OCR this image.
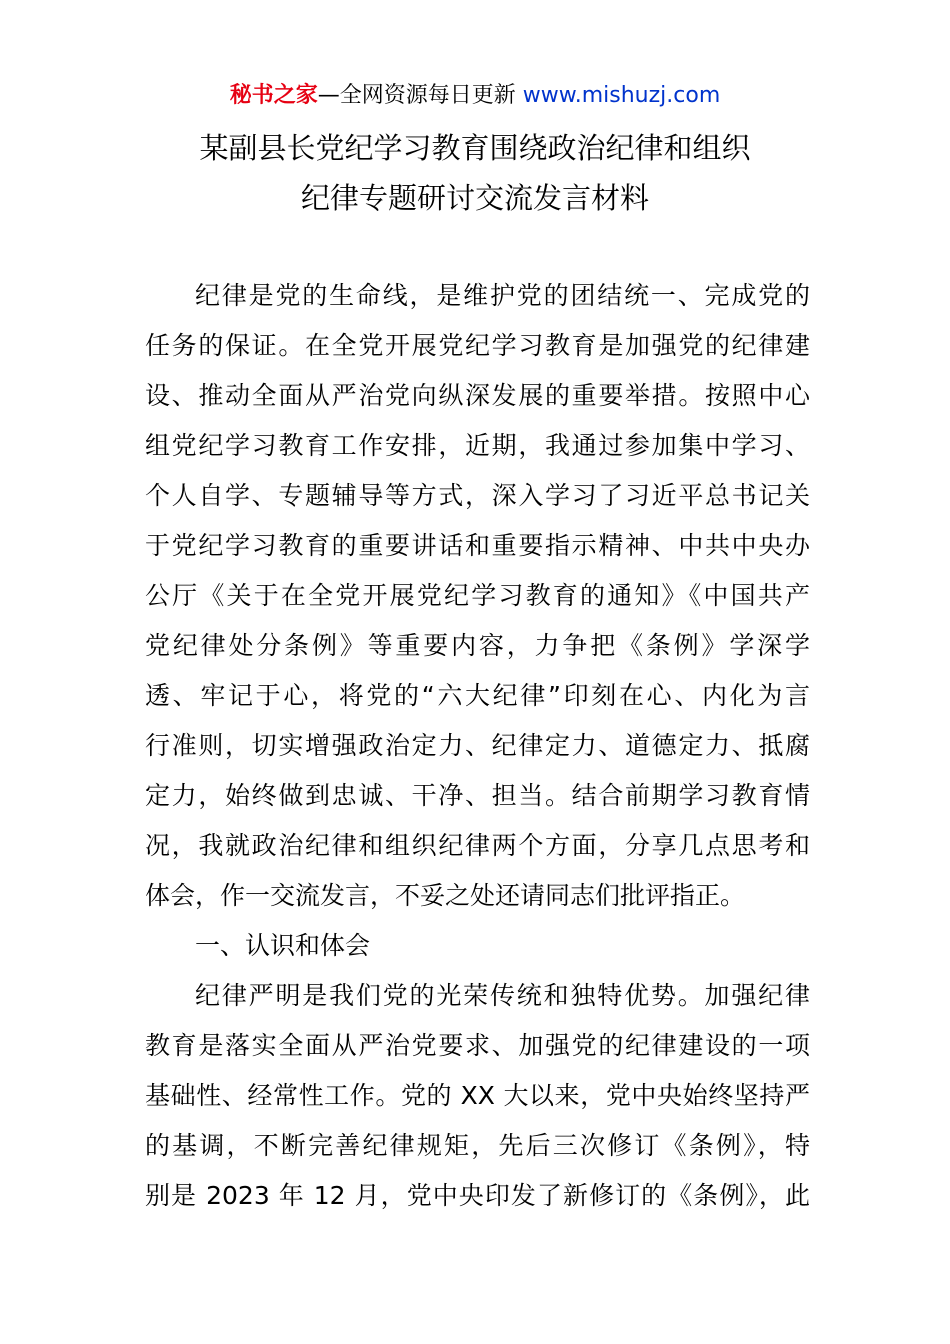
秘书之家—全网资源每日更新 www.mishuzj.com
某副县长党纪学习教育围绕政治纪律和组织
纪律专题研讨交流发言材料
纪律是党的生命线，是维护党的团结统一、完成党的
任务的保证。在全党开展党纪学习教育是加强党的纪律建
设、推动全面从严治党向纵深发展的重要举措。按照中心
组党纪学习教育工作安排，近期，我通过参加集中学习、
个人自学、专题辅导等方式，深入学习了习近平总书记关
于党纪学习教育的重要讲话和重要指示精神、中共中央办
公厅《关于在全党开展党纪学习教育的通知》《中国共产
党纪律处分条例》等重要内容，力争把《条例》学深学
透、牢记于心，将党的“六大纪律”印刻在心、内化为言
行准则，切实增强政治定力、纪律定力、道德定力、抵腐
定力，始终做到忠诚、干净、担当。结合前期学习教育情
况，我就政治纪律和组织纪律两个方面，分享几点思考和
体会，作一交流发言，不妥之处还请同志们批评指正。
一、认识和体会
纪律严明是我们党的光荣传统和独特优势。加强纪律
教育是落实全面从严治党要求、加强党的纪律建设的一项
基础性、经常性工作。党的 XX 大以来，党中央始终坚持严
的基调，不断完善纪律规矩，先后三次修订《条例》，特
别是 2023 年 12 月，党中央印发了新修订的《条例》，此
